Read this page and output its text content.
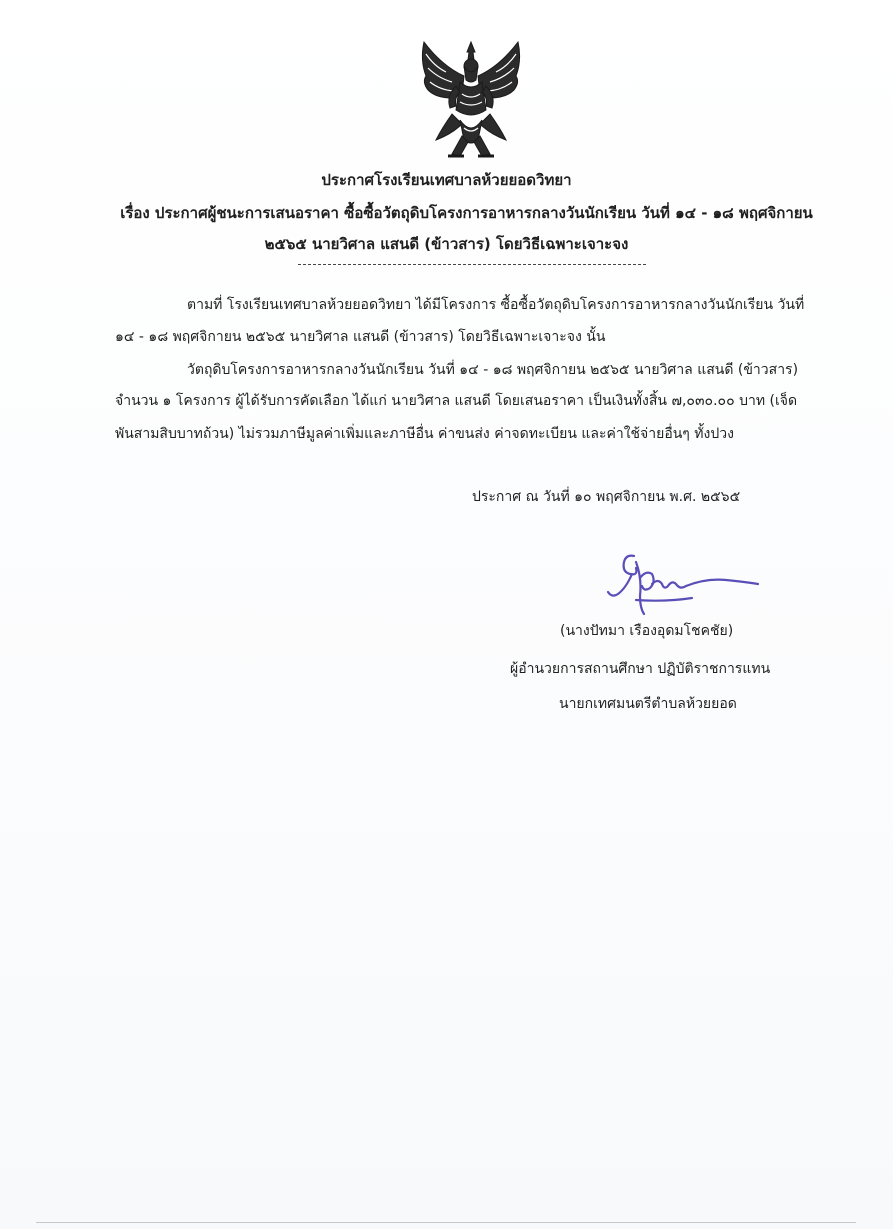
ประกาศโรงเรียนเทศบาลห้วยยอดวิทยา
เรื่อง ประกาศผู้ชนะการเสนอราคา ซื้อซื้อวัตถุดิบโครงการอาหารกลางวันนักเรียน วันที่ ๑๔ - ๑๘ พฤศจิกายน
๒๕๖๕ นายวิศาล แสนดี (ข้าวสาร) โดยวิธีเฉพาะเจาะจง
ตามที่ โรงเรียนเทศบาลห้วยยอดวิทยา ได้มีโครงการ ซื้อซื้อวัตถุดิบโครงการอาหารกลางวันนักเรียน วันที่
๑๔ - ๑๘ พฤศจิกายน ๒๕๖๕ นายวิศาล แสนดี (ข้าวสาร) โดยวิธีเฉพาะเจาะจง นั้น
วัตถุดิบโครงการอาหารกลางวันนักเรียน วันที่ ๑๔ - ๑๘ พฤศจิกายน ๒๕๖๕ นายวิศาล แสนดี (ข้าวสาร)
จำนวน ๑ โครงการ ผู้ได้รับการคัดเลือก ได้แก่ นายวิศาล แสนดี โดยเสนอราคา เป็นเงินทั้งสิ้น ๗,๐๓๐.๐๐ บาท (เจ็ด
พันสามสิบบาทถ้วน) ไม่รวมภาษีมูลค่าเพิ่มและภาษีอื่น ค่าขนส่ง ค่าจดทะเบียน และค่าใช้จ่ายอื่นๆ ทั้งปวง
ประกาศ ณ วันที่ ๑๐ พฤศจิกายน พ.ศ. ๒๕๖๕
(นางปัทมา เรืองอุดมโชคชัย)
ผู้อำนวยการสถานศึกษา ปฏิบัติราชการแทน
นายกเทศมนตรีตำบลห้วยยอด
